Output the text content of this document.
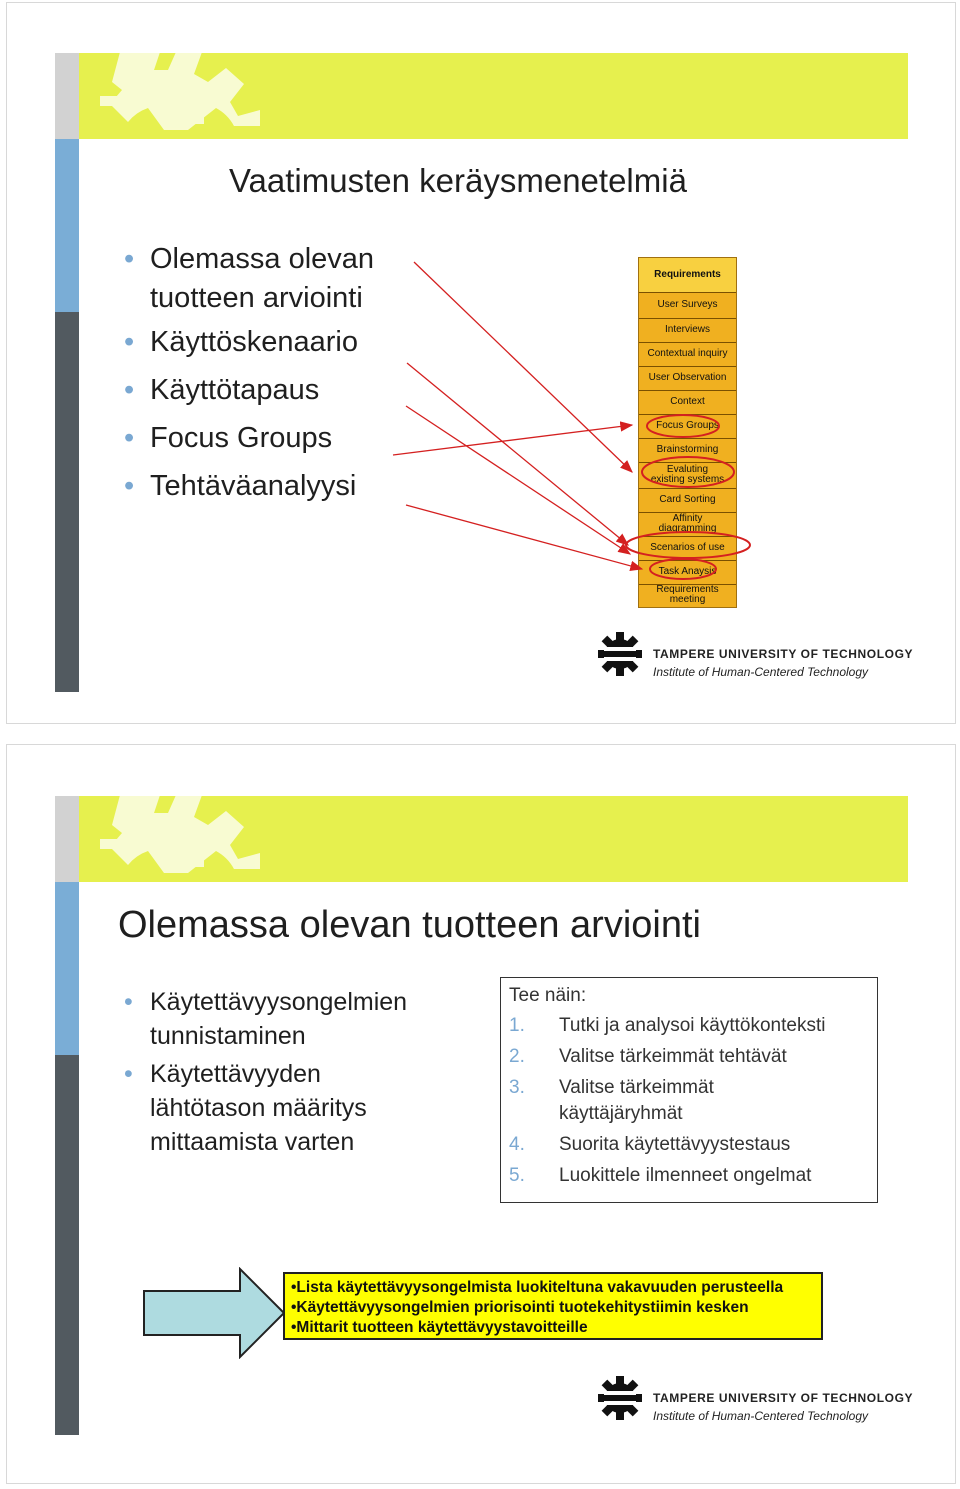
Vaatimusten keräysmenetelmiä
• Olemassa olevan tuotteen arviointi
• Käyttöskenaario
• Käyttötapaus
• Focus Groups
• Tehtäväanalyysi
Requirements
User Surveys
Interviews
Contextual inquiry
User Observation
Context
Focus Groups
Brainstorming
Evaluting existing systems
Card Sorting
Affinity diagramming
Scenarios of use
Task Anaysis
Requirements meeting
TAMPERE UNIVERSITY OF TECHNOLOGY
Institute of Human-Centered Technology
Olemassa olevan tuotteen arviointi
• Käytettävyysongelmien tunnistaminen
• Käytettävyyden lähtötason määritys mittaamista varten
Tee näin:
1. Tutki ja analysoi käyttökonteksti
2. Valitse tärkeimmät tehtävät
3. Valitse tärkeimmät käyttäjäryhmät
4. Suorita käytettävyystestaus
5. Luokittele ilmenneet ongelmat
•Lista käytettävyysongelmista luokiteltuna vakavuuden perusteella
•Käytettävyysongelmien priorisointi tuotekehitystiimin kesken
•Mittarit tuotteen käytettävyystavoitteille
TAMPERE UNIVERSITY OF TECHNOLOGY
Institute of Human-Centered Technology
